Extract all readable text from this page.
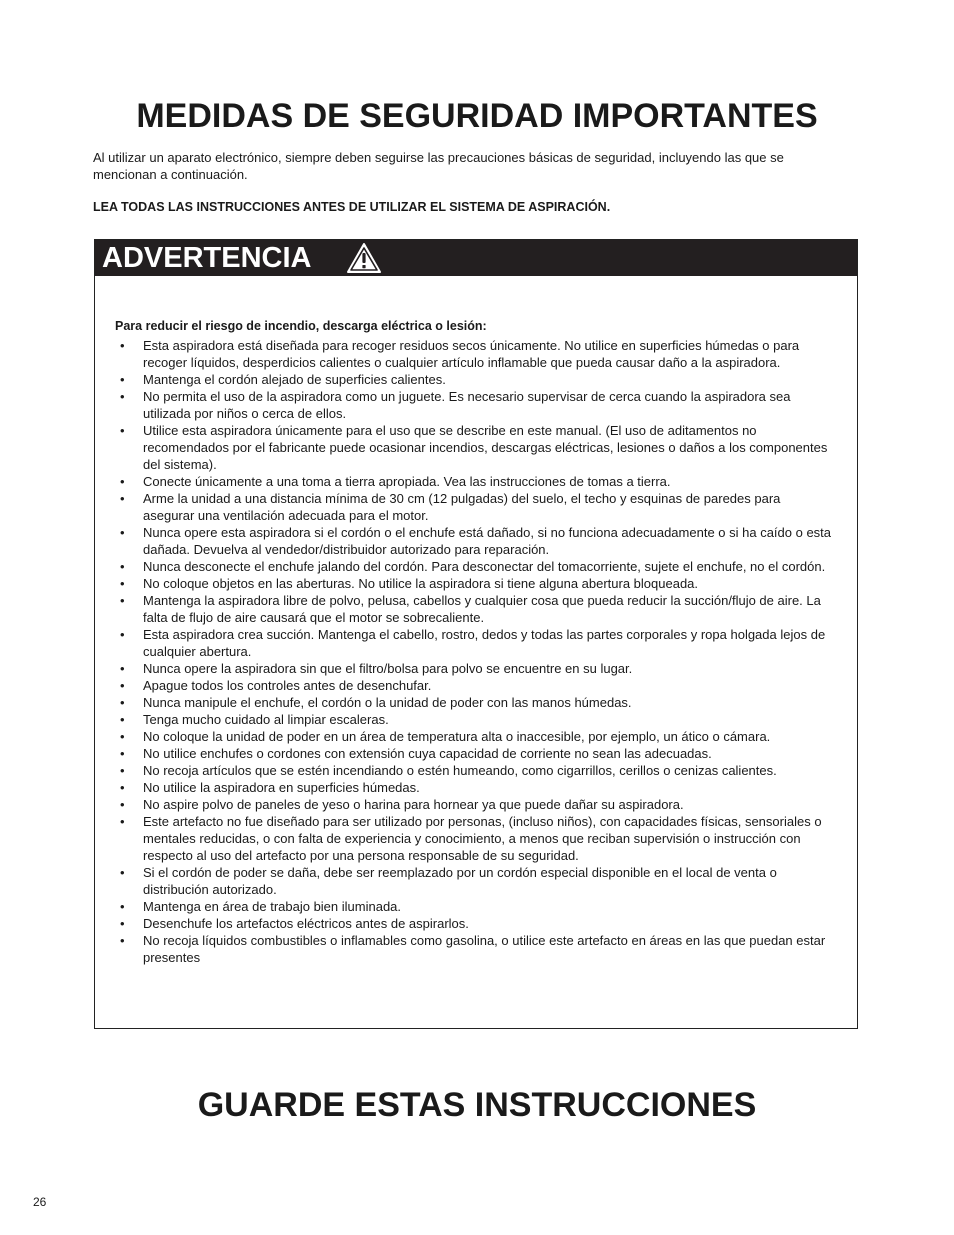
MEDIDAS DE SEGURIDAD IMPORTANTES

Al utilizar un aparato electrónico, siempre deben seguirse las precauciones básicas de seguridad, incluyendo las que se mencionan a continuación.

LEA TODAS LAS INSTRUCCIONES ANTES DE UTILIZAR EL SISTEMA DE ASPIRACIÓN.

ADVERTENCIA

Para reducir el riesgo de incendio, descarga eléctrica o lesión:

• Esta aspiradora está diseñada para recoger residuos secos únicamente. No utilice en superficies húmedas o para recoger líquidos, desperdicios calientes o cualquier artículo inflamable que pueda causar daño a la aspiradora.
• Mantenga el cordón alejado de superficies calientes.
• No permita el uso de la aspiradora como un juguete. Es necesario supervisar de cerca cuando la aspiradora sea utilizada por niños o cerca de ellos.
• Utilice esta aspiradora únicamente para el uso que se describe en este manual. (El uso de aditamentos no recomendados por el fabricante puede ocasionar incendios, descargas eléctricas, lesiones o daños a los componentes del sistema).
• Conecte únicamente a una toma a tierra apropiada. Vea las instrucciones de tomas a tierra.
• Arme la unidad a una distancia mínima de 30 cm (12 pulgadas) del suelo, el techo y esquinas de paredes para asegurar una ventilación adecuada para el motor.
• Nunca opere esta aspiradora si el cordón o el enchufe está dañado, si no funciona adecuadamente o si ha caído o esta dañada. Devuelva al vendedor/distribuidor autorizado para reparación.
• Nunca desconecte el enchufe jalando del cordón. Para desconectar del tomacorriente, sujete el enchufe, no el cordón.
• No coloque objetos en las aberturas. No utilice la aspiradora si tiene alguna abertura bloqueada.
• Mantenga la aspiradora libre de polvo, pelusa, cabellos y cualquier cosa que pueda reducir la succión/flujo de aire. La falta de flujo de aire causará que el motor se sobrecaliente.
• Esta aspiradora crea succión. Mantenga el cabello, rostro, dedos y todas las partes corporales y ropa holgada lejos de cualquier abertura.
• Nunca opere la aspiradora sin que el filtro/bolsa para polvo se encuentre en su lugar.
• Apague todos los controles antes de desenchufar.
• Nunca manipule el enchufe, el cordón o la unidad de poder con las manos húmedas.
• Tenga mucho cuidado al limpiar escaleras.
• No coloque la unidad de poder en un área de temperatura alta o inaccesible, por ejemplo, un ático o cámara.
• No utilice enchufes o cordones con extensión cuya capacidad de corriente no sean las adecuadas.
• No recoja artículos que se estén incendiando o estén humeando, como cigarrillos, cerillos o cenizas calientes.
• No utilice la aspiradora en superficies húmedas.
• No aspire polvo de paneles de yeso o harina para hornear ya que puede dañar su aspiradora.
• Este artefacto no fue diseñado para ser utilizado por personas, (incluso niños), con capacidades físicas, sensoriales o mentales reducidas, o con falta de experiencia y conocimiento, a menos que reciban supervisión o instrucción con respecto al uso del artefacto por una persona responsable de su seguridad.
• Si el cordón de poder se daña, debe ser reemplazado por un cordón especial disponible en el local de venta o distribución autorizado.
• Mantenga en área de trabajo bien iluminada.
• Desenchufe los artefactos eléctricos antes de aspirarlos.
• No recoja líquidos combustibles o inflamables como gasolina, o utilice este artefacto en áreas en las que puedan estar presentes
GUARDE ESTAS INSTRUCCIONES
26
